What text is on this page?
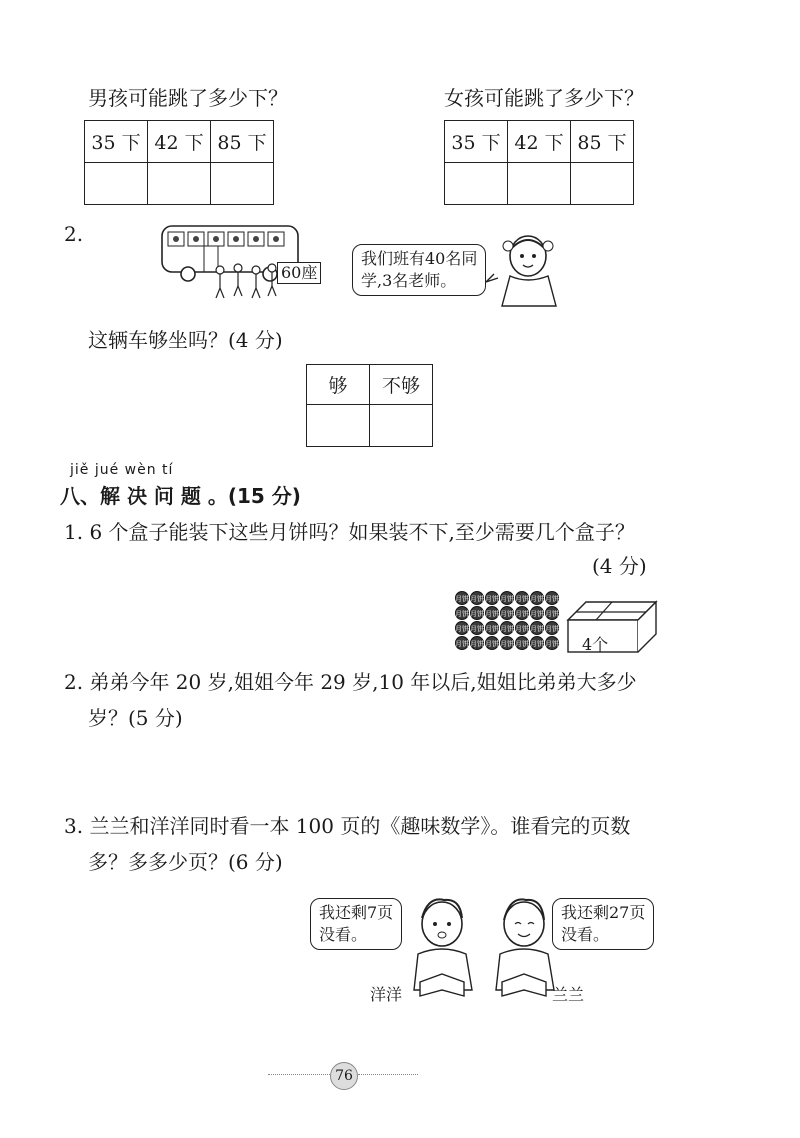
男孩可能跳了多少下？	女孩可能跳了多少下？
35 下	42 下	85 下
			35 下	42 下	85 下

2.
60座
我们班有40名同
学,3名老师。
这辆车够坐吗？(4 分)
够	不够

jiě jué wèn tí
八、解 决 问 题 。(15 分)
1. 6 个盒子能装下这些月饼吗？如果装不下,至少需要几个盒子？
(4 分)
月饼 月饼 月饼 月饼 月饼 月饼 月饼
月饼 月饼 月饼 月饼 月饼 月饼 月饼
月饼 月饼 月饼 月饼 月饼 月饼 月饼
月饼 月饼 月饼 月饼 月饼 月饼 月饼 4个
2. 弟弟今年 20 岁,姐姐今年 29 岁,10 年以后,姐姐比弟弟大多少
岁？(5 分)
3. 兰兰和洋洋同时看一本 100 页的《趣味数学》。谁看完的页数
多？多多少页？(6 分)
我还剩7页
没看。
洋洋
我还剩27页
没看。
兰兰
76
